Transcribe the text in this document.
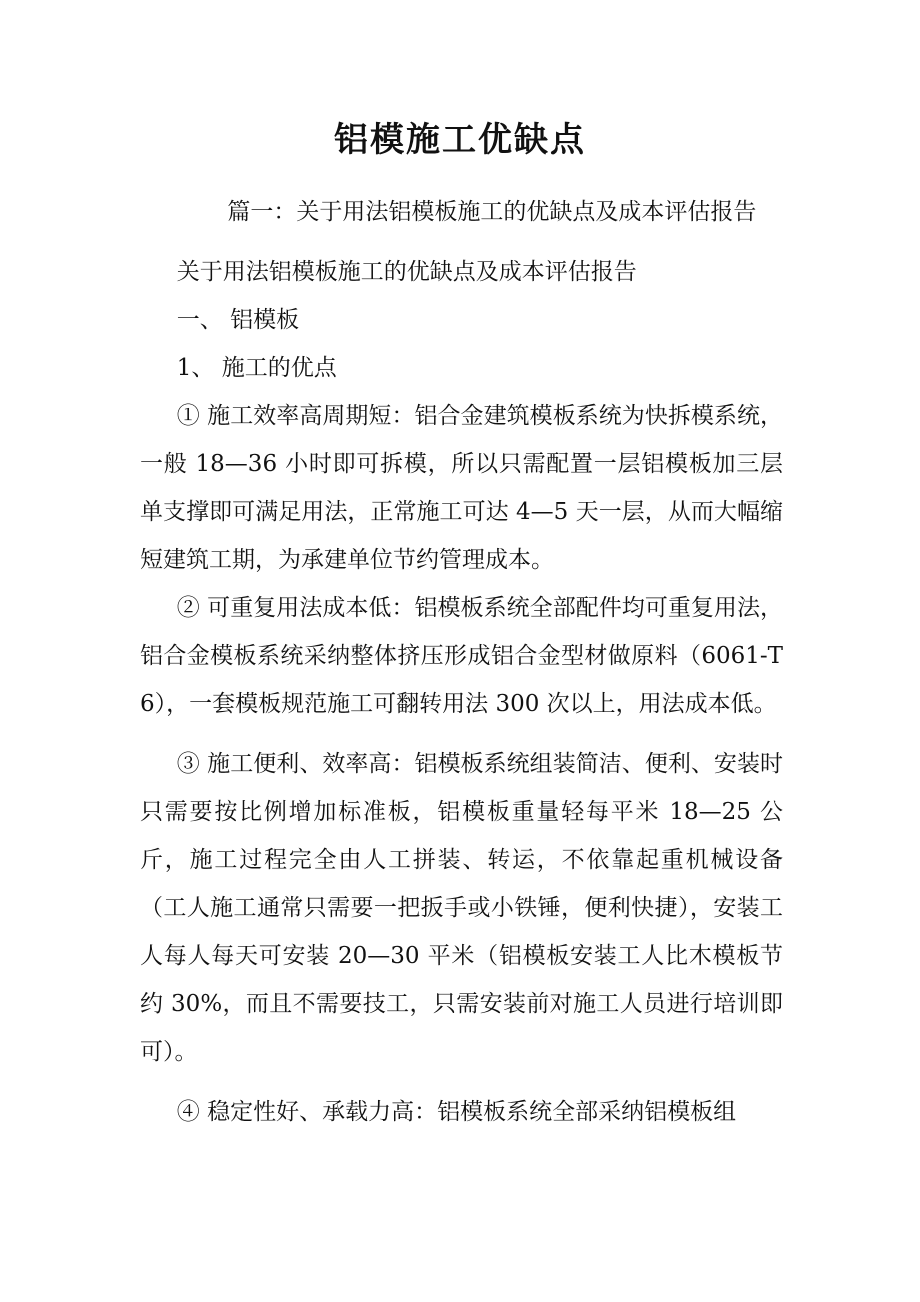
铝模施工优缺点

篇一：关于用法铝模板施工的优缺点及成本评估报告

关于用法铝模板施工的优缺点及成本评估报告

一、 铝模板

1、 施工的优点

① 施工效率高周期短：铝合金建筑模板系统为快拆模系统，一般 18—36 小时即可拆模，所以只需配置一层铝模板加三层单支撑即可满足用法，正常施工可达 4—5 天一层，从而大幅缩短建筑工期，为承建单位节约管理成本。

② 可重复用法成本低：铝模板系统全部配件均可重复用法，铝合金模板系统采纳整体挤压形成铝合金型材做原料（6061-T6），一套模板规范施工可翻转用法 300 次以上，用法成本低。

③ 施工便利、效率高：铝模板系统组装简洁、便利、安装时只需要按比例增加标准板，铝模板重量轻每平米 18—25 公斤，施工过程完全由人工拼装、转运，不依靠起重机械设备（工人施工通常只需要一把扳手或小铁锤，便利快捷），安装工人每人每天可安装 20—30 平米（铝模板安装工人比木模板节约 30%，而且不需要技工，只需安装前对施工人员进行培训即可）。

④ 稳定性好、承载力高：铝模板系统全部采纳铝模板组
